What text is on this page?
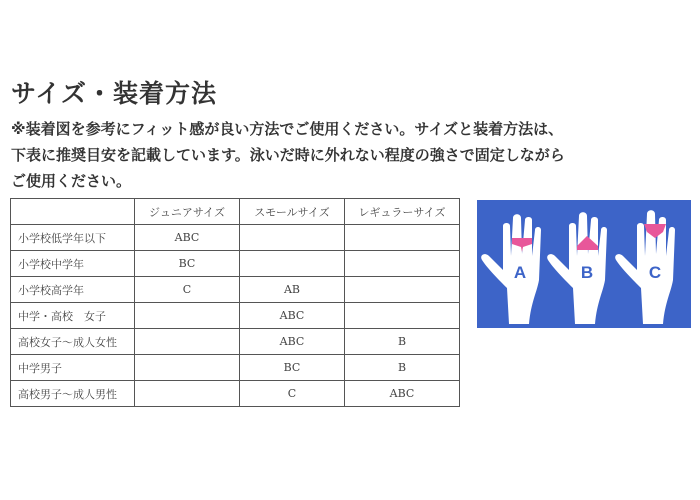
サイズ・装着方法
※装着図を参考にフィット感が良い方法でご使用ください。サイズと装着方法は、
下表に推奨目安を記載しています。泳いだ時に外れない程度の強さで固定しながら
ご使用ください。
	ジュニアサイズ	スモールサイズ	レギュラーサイズ
小学校低学年以下	ABC		
小学校中学年	BC		
小学校高学年	C	AB	
中学・高校　女子		ABC	
高校女子～成人女性		ABC	B
中学男子		BC	B
高校男子～成人男性		C	ABC
A	B	C
